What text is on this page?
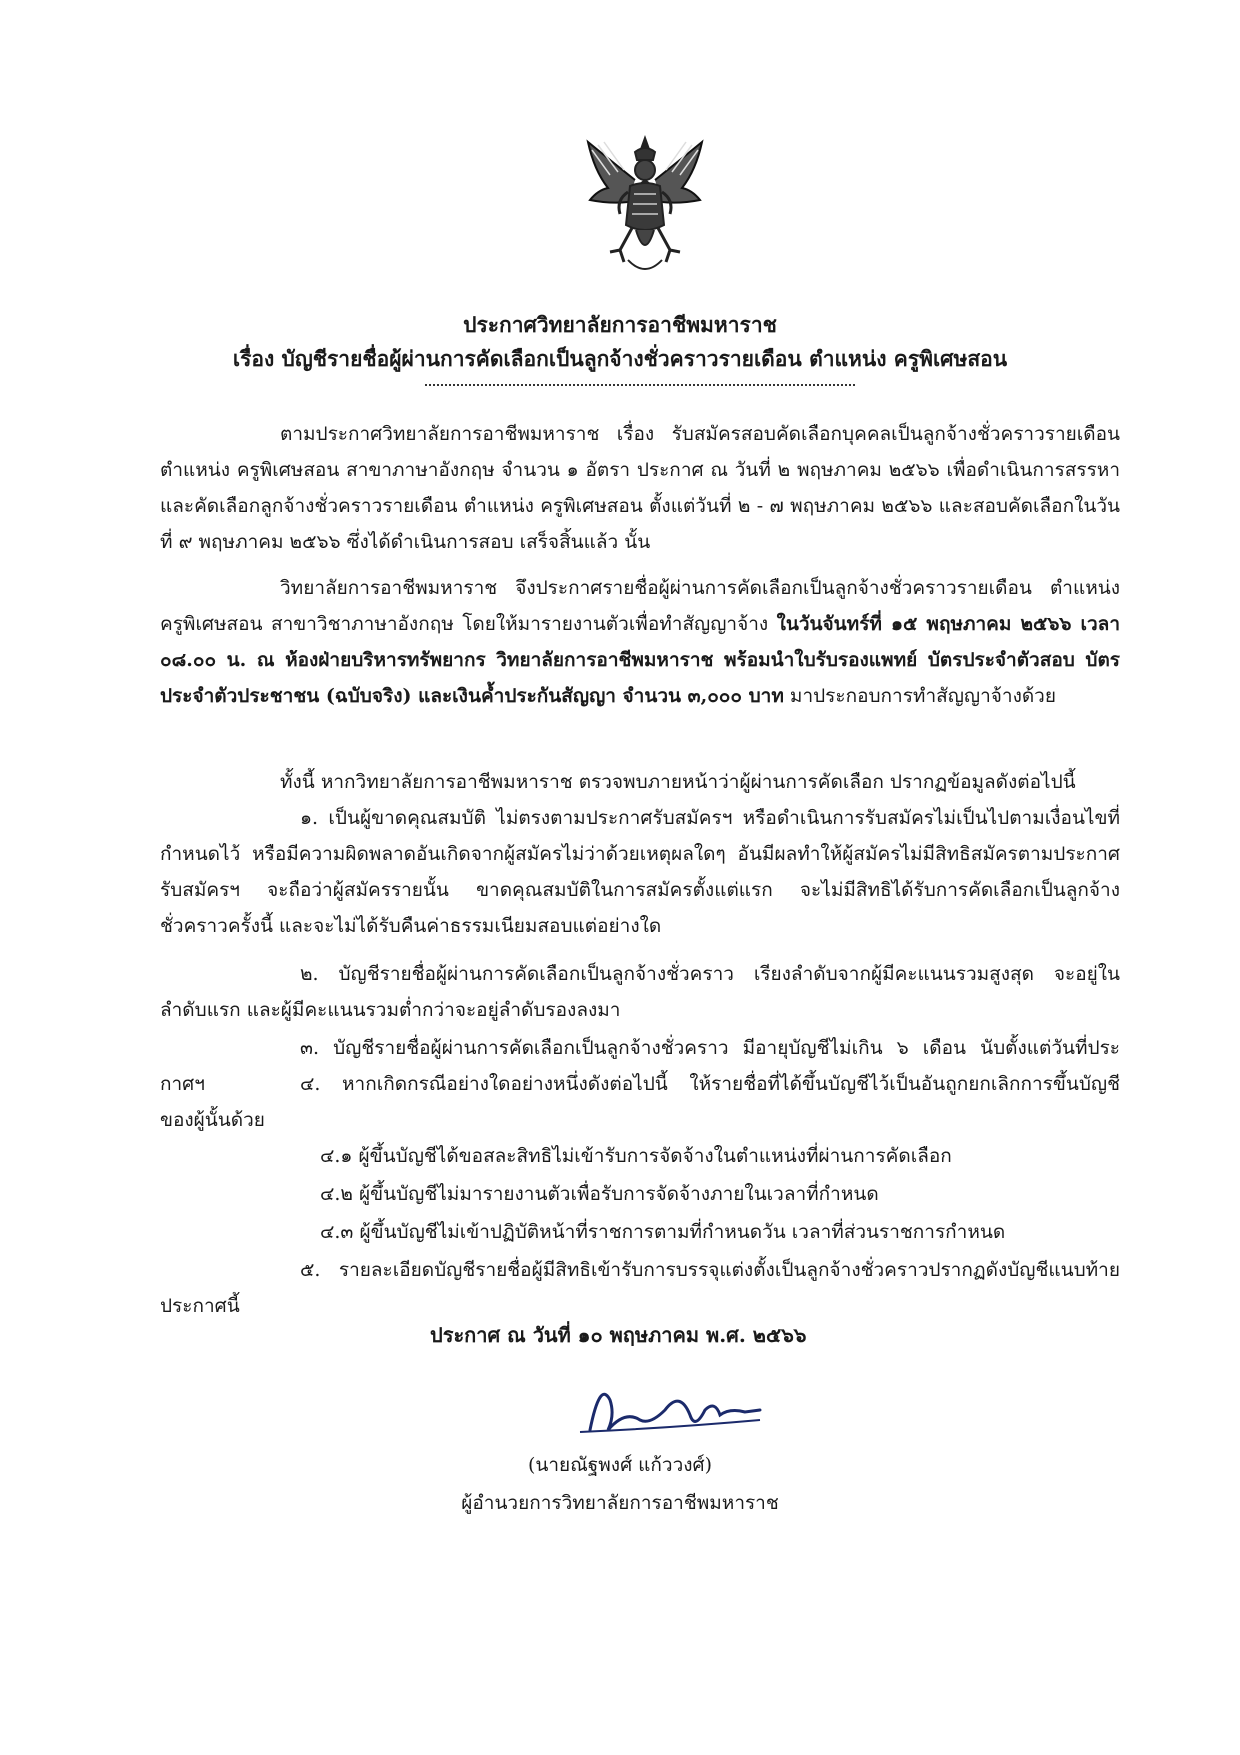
ประกาศวิทยาลัยการอาชีพมหาราช
เรื่อง บัญชีรายชื่อผู้ผ่านการคัดเลือกเป็นลูกจ้างชั่วคราวรายเดือน ตำแหน่ง ครูพิเศษสอน

ตามประกาศวิทยาลัยการอาชีพมหาราช เรื่อง รับสมัครสอบคัดเลือกบุคคลเป็นลูกจ้างชั่วคราวรายเดือน ตำแหน่ง ครูพิเศษสอน สาขาภาษาอังกฤษ จำนวน ๑ อัตรา ประกาศ ณ วันที่ ๒ พฤษภาคม ๒๕๖๖ เพื่อดำเนินการสรรหาและคัดเลือกลูกจ้างชั่วคราวรายเดือน ตำแหน่ง ครูพิเศษสอน ตั้งแต่วันที่ ๒ - ๗ พฤษภาคม ๒๕๖๖ และสอบคัดเลือกในวันที่ ๙ พฤษภาคม ๒๕๖๖ ซึ่งได้ดำเนินการสอบ เสร็จสิ้นแล้ว นั้น

วิทยาลัยการอาชีพมหาราช จึงประกาศรายชื่อผู้ผ่านการคัดเลือกเป็นลูกจ้างชั่วคราวรายเดือน ตำแหน่ง ครูพิเศษสอน สาขาวิชาภาษาอังกฤษ โดยให้มารายงานตัวเพื่อทำสัญญาจ้าง ในวันจันทร์ที่ ๑๕ พฤษภาคม ๒๕๖๖ เวลา ๐๘.๐๐ น. ณ ห้องฝ่ายบริหารทรัพยากร วิทยาลัยการอาชีพมหาราช พร้อมนำใบรับรองแพทย์ บัตรประจำตัวสอบ บัตรประจำตัวประชาชน (ฉบับจริง) และเงินค้ำประกันสัญญา จำนวน ๓,๐๐๐ บาท มาประกอบการทำสัญญาจ้างด้วย

ทั้งนี้ หากวิทยาลัยการอาชีพมหาราช ตรวจพบภายหน้าว่าผู้ผ่านการคัดเลือก ปรากฏข้อมูลดังต่อไปนี้

๑. เป็นผู้ขาดคุณสมบัติ ไม่ตรงตามประกาศรับสมัครฯ หรือดำเนินการรับสมัครไม่เป็นไปตามเงื่อนไขที่กำหนดไว้ หรือมีความผิดพลาดอันเกิดจากผู้สมัครไม่ว่าด้วยเหตุผลใดๆ อันมีผลทำให้ผู้สมัครไม่มีสิทธิสมัครตามประกาศรับสมัครฯ จะถือว่าผู้สมัครรายนั้น ขาดคุณสมบัติในการสมัครตั้งแต่แรก จะไม่มีสิทธิได้รับการคัดเลือกเป็นลูกจ้างชั่วคราวครั้งนี้ และจะไม่ได้รับคืนค่าธรรมเนียมสอบแต่อย่างใด

๒. บัญชีรายชื่อผู้ผ่านการคัดเลือกเป็นลูกจ้างชั่วคราว เรียงลำดับจากผู้มีคะแนนรวมสูงสุด จะอยู่ในลำดับแรก และผู้มีคะแนนรวมต่ำกว่าจะอยู่ลำดับรองลงมา

๓. บัญชีรายชื่อผู้ผ่านการคัดเลือกเป็นลูกจ้างชั่วคราว มีอายุบัญชีไม่เกิน ๖ เดือน นับตั้งแต่วันที่ประกาศฯ	๔. หากเกิดกรณีอย่างใดอย่างหนึ่งดังต่อไปนี้ ให้รายชื่อที่ได้ขึ้นบัญชีไว้เป็นอันถูกยกเลิกการขึ้นบัญชีของผู้นั้นด้วย

๔.๑ ผู้ขึ้นบัญชีได้ขอสละสิทธิไม่เข้ารับการจัดจ้างในตำแหน่งที่ผ่านการคัดเลือก

๔.๒ ผู้ขึ้นบัญชีไม่มารายงานตัวเพื่อรับการจัดจ้างภายในเวลาที่กำหนด

๔.๓ ผู้ขึ้นบัญชีไม่เข้าปฏิบัติหน้าที่ราชการตามที่กำหนดวัน เวลาที่ส่วนราชการกำหนด

๕. รายละเอียดบัญชีรายชื่อผู้มีสิทธิเข้ารับการบรรจุแต่งตั้งเป็นลูกจ้างชั่วคราวปรากฏดังบัญชีแนบท้ายประกาศนี้

ประกาศ ณ วันที่ ๑๐ พฤษภาคม พ.ศ. ๒๕๖๖

(นายณัฐพงศ์ แก้ววงศ์)

ผู้อำนวยการวิทยาลัยการอาชีพมหาราช
